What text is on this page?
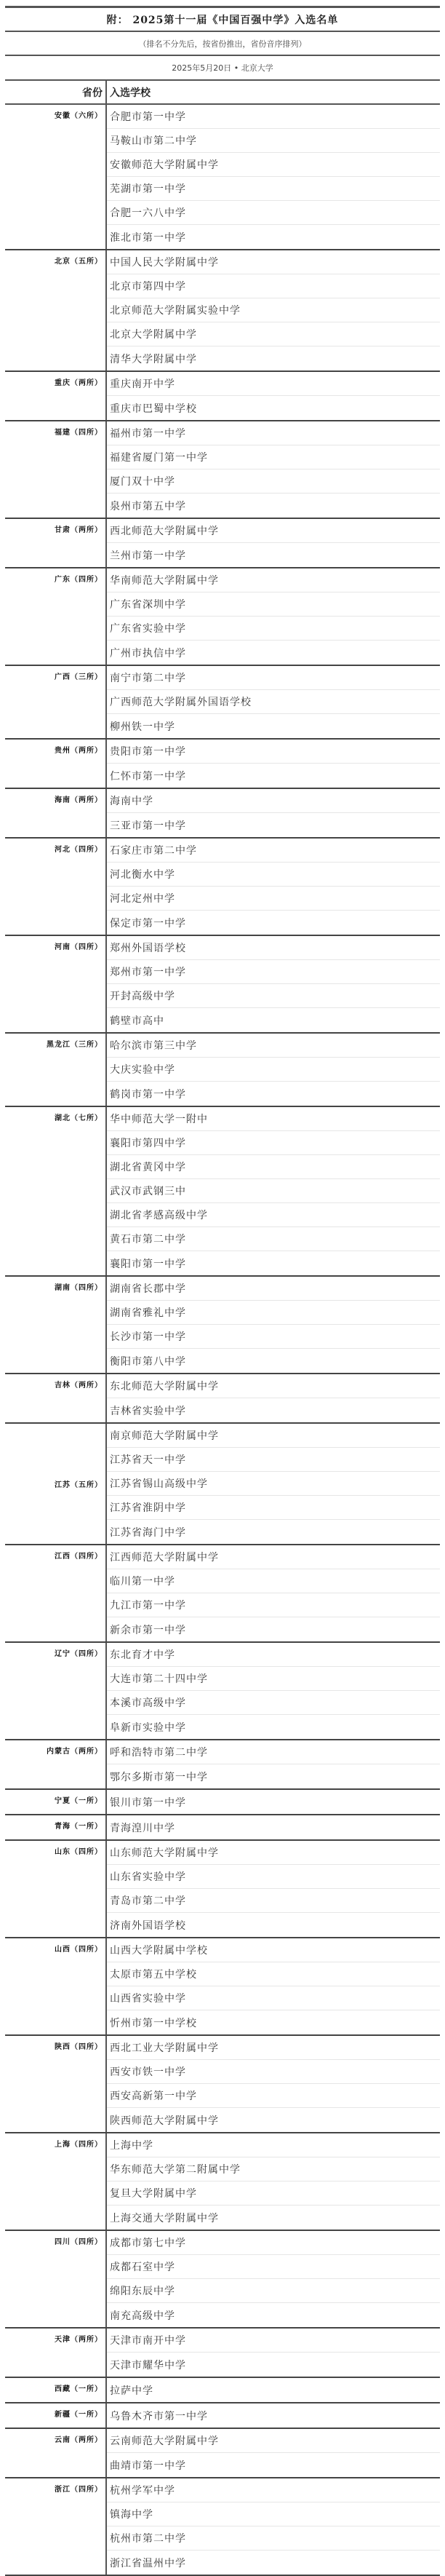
附： 2025第十一届《中国百强中学》入选名单
（排名不分先后，按省份推出，省份音序排列）
2025年5月20日 • 北京大学
省份 入选学校
安徽（六所） 合肥市第一中学
马鞍山市第二中学
安徽师范大学附属中学
芜湖市第一中学
合肥一六八中学
淮北市第一中学
北京（五所） 中国人民大学附属中学
北京市第四中学
北京师范大学附属实验中学
北京大学附属中学
清华大学附属中学
重庆（两所） 重庆南开中学
重庆市巴蜀中学校
福建（四所） 福州市第一中学
福建省厦门第一中学
厦门双十中学
泉州市第五中学
甘肃（两所） 西北师范大学附属中学
兰州市第一中学
广东（四所） 华南师范大学附属中学
广东省深圳中学
广东省实验中学
广州市执信中学
广西（三所） 南宁市第二中学
广西师范大学附属外国语学校
柳州铁一中学
贵州（两所） 贵阳市第一中学
仁怀市第一中学
海南（两所） 海南中学
三亚市第一中学
河北（四所） 石家庄市第二中学
河北衡水中学
河北定州中学
保定市第一中学
河南（四所） 郑州外国语学校
郑州市第一中学
开封高级中学
鹤壁市高中
黑龙江（三所） 哈尔滨市第三中学
大庆实验中学
鹤岗市第一中学
湖北（七所） 华中师范大学一附中
襄阳市第四中学
湖北省黄冈中学
武汉市武钢三中
湖北省孝感高级中学
黄石市第二中学
襄阳市第一中学
湖南（四所） 湖南省长郡中学
湖南省雅礼中学
长沙市第一中学
衡阳市第八中学
吉林（两所） 东北师范大学附属中学
吉林省实验中学
江苏（五所）
南京师范大学附属中学
江苏省天一中学
江苏省锡山高级中学
江苏省淮阴中学
江苏省海门中学
江西（四所） 江西师范大学附属中学
临川第一中学
九江市第一中学
新余市第一中学
辽宁（四所） 东北育才中学
大连市第二十四中学
本溪市高级中学
阜新市实验中学
内蒙古（两所） 呼和浩特市第二中学
鄂尔多斯市第一中学
宁夏（一所） 银川市第一中学
青海（一所） 青海湟川中学
山东（四所） 山东师范大学附属中学
山东省实验中学
青岛市第二中学
济南外国语学校
山西（四所） 山西大学附属中学校
太原市第五中学校
山西省实验中学
忻州市第一中学校
陕西（四所） 西北工业大学附属中学
西安市铁一中学
西安高新第一中学
陕西师范大学附属中学
上海（四所） 上海中学
华东师范大学第二附属中学
复旦大学附属中学
上海交通大学附属中学
四川（四所） 成都市第七中学
成都石室中学
绵阳东辰中学
南充高级中学
天津（两所） 天津市南开中学
天津市耀华中学
西藏（一所） 拉萨中学
新疆（一所） 乌鲁木齐市第一中学
云南（两所） 云南师范大学附属中学
曲靖市第一中学
浙江（四所） 杭州学军中学
镇海中学
杭州市第二中学
浙江省温州中学
